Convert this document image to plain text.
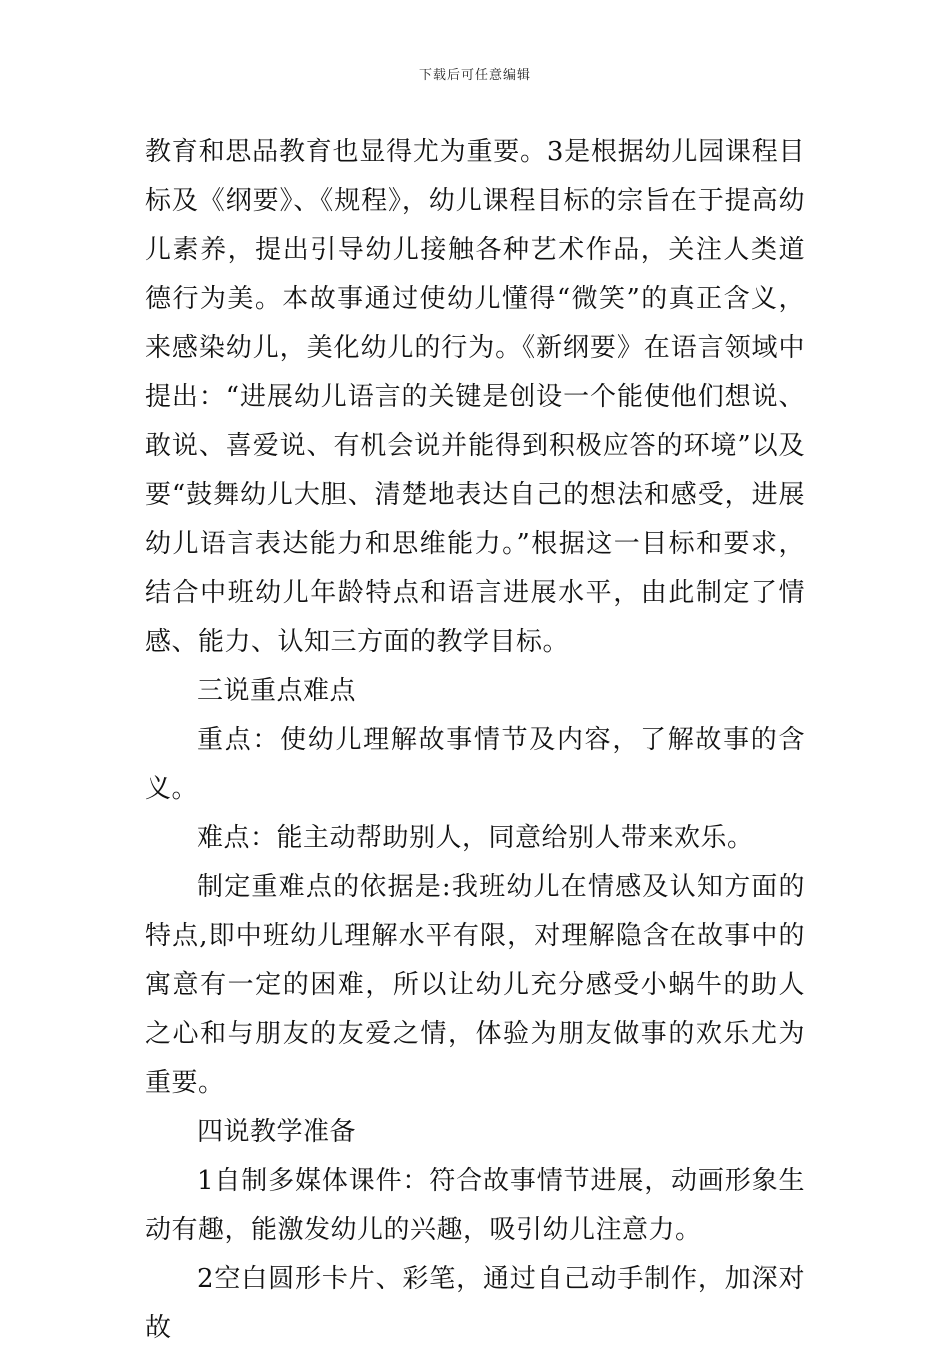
下载后可任意编辑

教育和思品教育也显得尤为重要。3是根据幼儿园课程目标及《纲要》、《规程》，幼儿课程目标的宗旨在于提高幼儿素养，提出引导幼儿接触各种艺术作品，关注人类道德行为美。本故事通过使幼儿懂得“微笑”的真正含义，来感染幼儿，美化幼儿的行为。《新纲要》在语言领域中提出：“进展幼儿语言的关键是创设一个能使他们想说、敢说、喜爱说、有机会说并能得到积极应答的环境”以及要“鼓舞幼儿大胆、清楚地表达自己的想法和感受，进展幼儿语言表达能力和思维能力。”根据这一目标和要求，结合中班幼儿年龄特点和语言进展水平，由此制定了情感、能力、认知三方面的教学目标。

三说重点难点

重点：使幼儿理解故事情节及内容，了解故事的含义。

难点：能主动帮助别人，同意给别人带来欢乐。

制定重难点的依据是:我班幼儿在情感及认知方面的特点,即中班幼儿理解水平有限，对理解隐含在故事中的寓意有一定的困难，所以让幼儿充分感受小蜗牛的助人之心和与朋友的友爱之情，体验为朋友做事的欢乐尤为重要。

四说教学准备

1自制多媒体课件：符合故事情节进展，动画形象生动有趣，能激发幼儿的兴趣，吸引幼儿注意力。

2空白圆形卡片、彩笔，通过自己动手制作，加深对故
